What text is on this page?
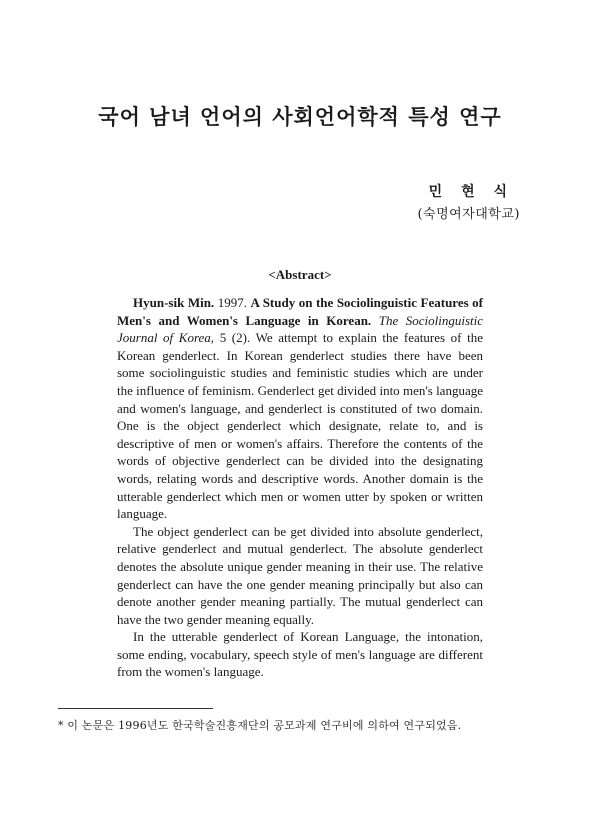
국어 남녀 언어의 사회언어학적 특성 연구
민 현 식
(숙명여자대학교)
<Abstract>

Hyun-sik Min. 1997. A Study on the Sociolinguistic Features of Men's and Women's Language in Korean. The Sociolinguistic Journal of Korea, 5 (2). We attempt to explain the features of the Korean genderlect. In Korean genderlect studies there have been some sociolinguistic studies and feministic studies which are under the influence of feminism. Genderlect get divided into men's language and women's language, and genderlect is constituted of two domain. One is the object genderlect which designate, relate to, and is descriptive of men or women's affairs. Therefore the contents of the words of objective genderlect can be divided into the designating words, relating words and descriptive words. Another domain is the utterable genderlect which men or women utter by spoken or written language.

The object genderlect can be get divided into absolute genderlect, relative genderlect and mutual genderlect. The absolute genderlect denotes the absolute unique gender meaning in their use. The relative genderlect can have the one gender meaning principally but also can denote another gender meaning partially. The mutual genderlect can have the two gender meaning equally.

In the utterable genderlect of Korean Language, the intonation, some ending, vocabulary, speech style of men's language are different from the women's language.

* 이 논문은 1996년도 한국학술진흥재단의 공모과제 연구비에 의하여 연구되었음.
